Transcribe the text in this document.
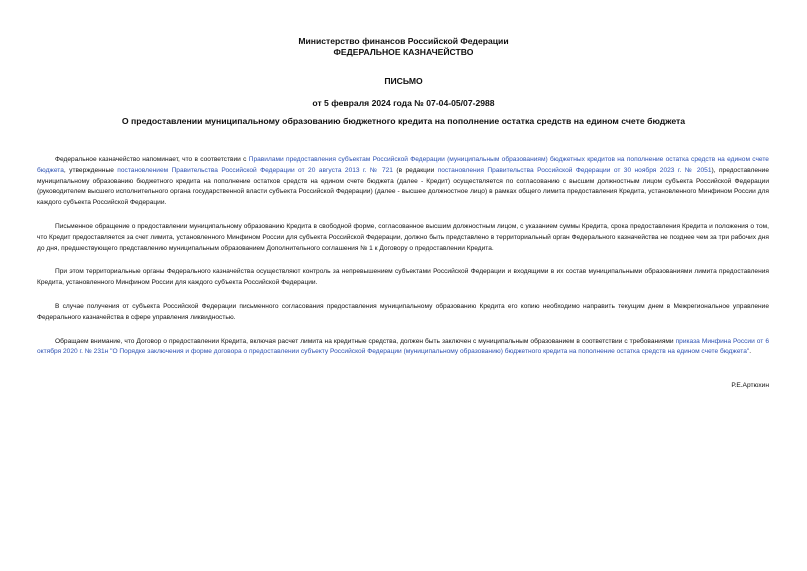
Министерство финансов Российской Федерации
ФЕДЕРАЛЬНОЕ КАЗНАЧЕЙСТВО
ПИСЬМО
от 5 февраля 2024 года № 07-04-05/07-2988
О предоставлении муниципальному образованию бюджетного кредита на пополнение остатка средств на едином счете бюджета

Федеральное казначейство напоминает, что в соответствии с Правилами предоставления субъектам Российской Федерации (муниципальным образованиям) бюджетных кредитов на пополнение остатка средств на едином счете бюджета, утвержденные постановлением Правительства Российской Федерации от 20 августа 2013 г. № 721 (в редакции постановления Правительства Российской Федерации от 30 ноября 2023 г. № 2051), предоставление муниципальному образованию бюджетного кредита на пополнение остатков средств на едином счете бюджета (далее - Кредит) осуществляется по согласованию с высшим должностным лицом субъекта Российской Федерации (руководителем высшего исполнительного органа государственной власти субъекта Российской Федерации) (далее - высшее должностное лицо) в рамках общего лимита предоставления Кредита, установленного Минфином России для каждого субъекта Российской Федерации.

Письменное обращение о предоставлении муниципальному образованию Кредита в свободной форме, согласованное высшим должностным лицом, с указанием суммы Кредита, срока предоставления Кредита и положения о том, что Кредит предоставляется за счет лимита, установленного Минфином России для субъекта Российской Федерации, должно быть представлено в территориальный орган Федерального казначейства не позднее чем за три рабочих дня до дня, предшествующего представлению муниципальным образованием Дополнительного соглашения № 1 к Договору о предоставлении Кредита.

При этом территориальные органы Федерального казначейства осуществляют контроль за непревышением субъектами Российской Федерации и входящими в их состав муниципальными образованиями лимита предоставления Кредита, установленного Минфином России для каждого субъекта Российской Федерации.

В случае получения от субъекта Российской Федерации письменного согласования предоставления муниципальному образованию Кредита его копию необходимо направить текущим днем в Межрегиональное управление Федерального казначейства в сфере управления ликвидностью.

Обращаем внимание, что Договор о предоставлении Кредита, включая расчет лимита на кредитные средства, должен быть заключен с муниципальным образованием в соответствии с требованиями приказа Минфина России от 6 октября 2020 г. № 231н "О Порядке заключения и форме договора о предоставлении субъекту Российской Федерации (муниципальному образованию) бюджетного кредита на пополнение остатка средств на едином счете бюджета".

Р.Е.Артюхин
